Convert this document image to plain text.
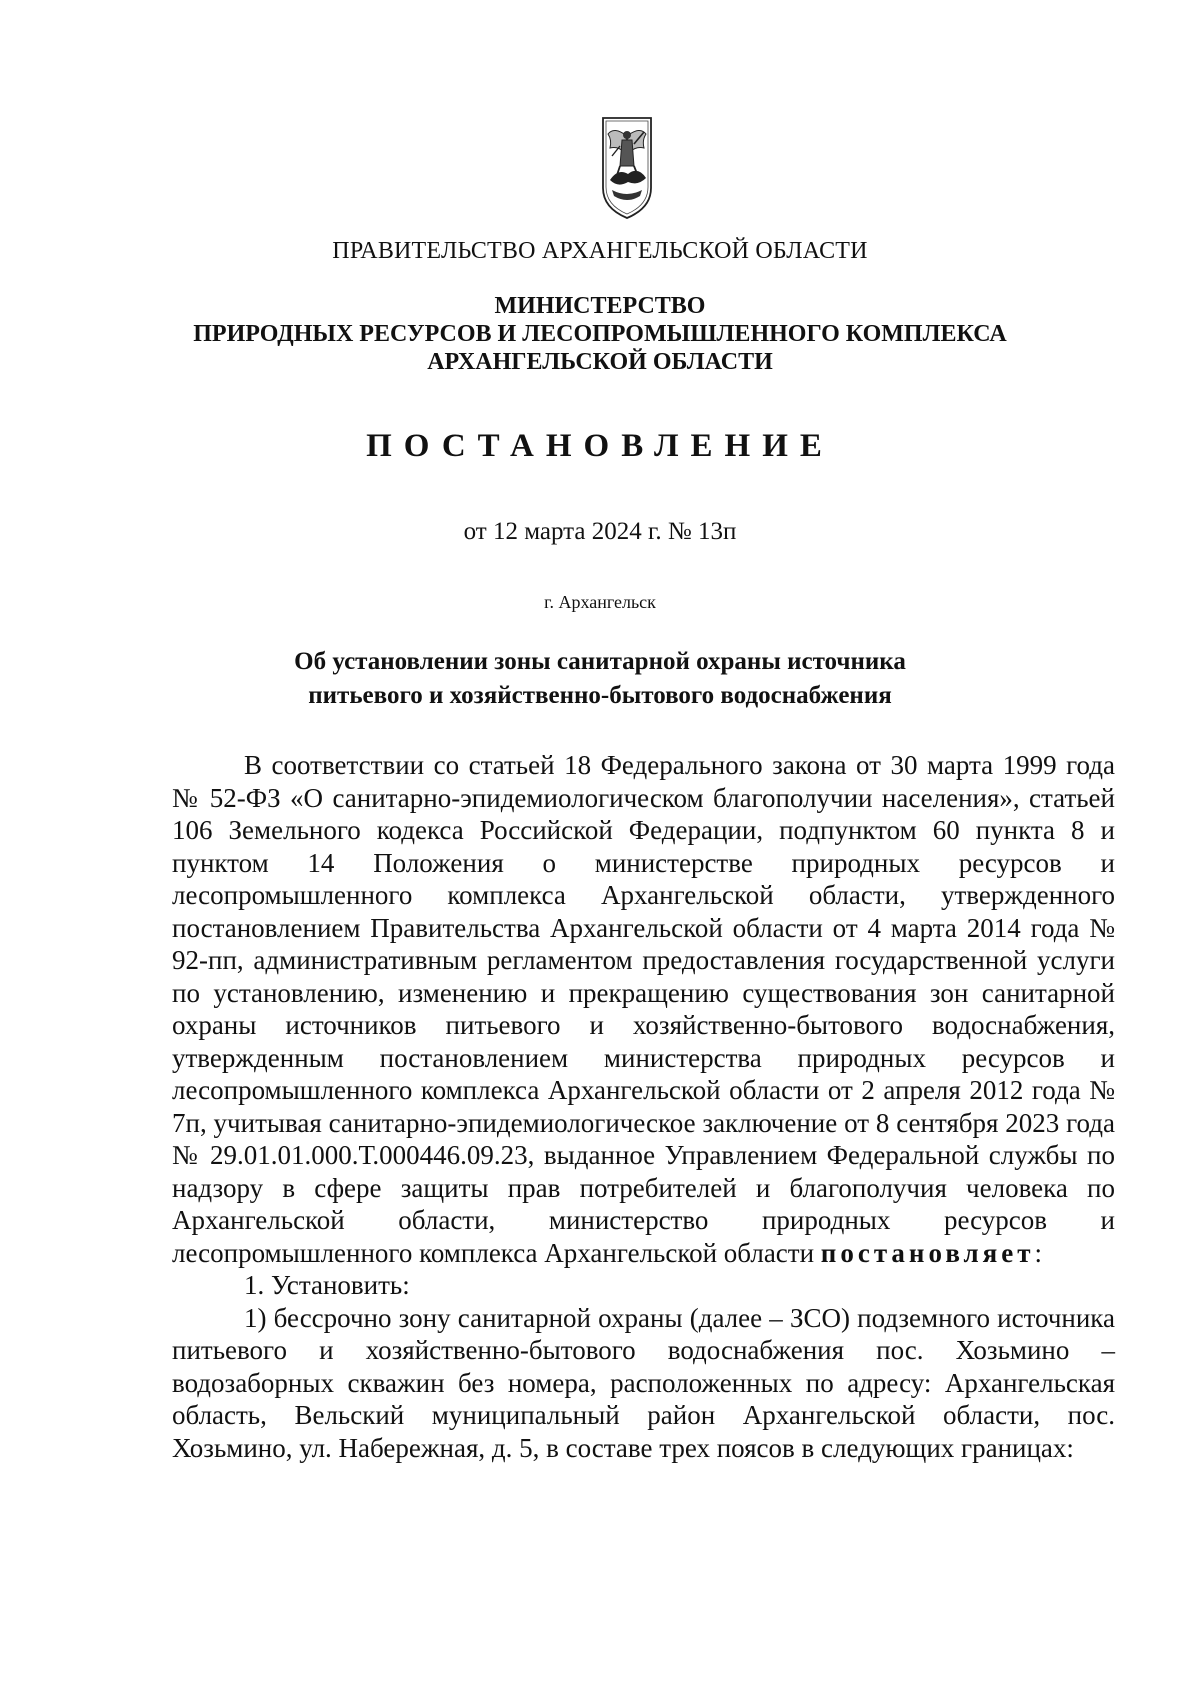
ПРАВИТЕЛЬСТВО АРХАНГЕЛЬСКОЙ ОБЛАСТИ
МИНИСТЕРСТВО
ПРИРОДНЫХ РЕСУРСОВ И ЛЕСОПРОМЫШЛЕННОГО КОМПЛЕКСА
АРХАНГЕЛЬСКОЙ ОБЛАСТИ
ПОСТАНОВЛЕНИЕ
от 12 марта 2024 г. № 13п
г. Архангельск
Об установлении зоны санитарной охраны источника
питьевого и хозяйственно-бытового водоснабжения

В соответствии со статьей 18 Федерального закона от 30 марта 1999 года № 52-ФЗ «О санитарно-эпидемиологическом благополучии населения», статьей 106 Земельного кодекса Российской Федерации, подпунктом 60 пункта 8 и пунктом 14 Положения о министерстве природных ресурсов и лесопромышленного комплекса Архангельской области, утвержденного постановлением Правительства Архангельской области от 4 марта 2014 года № 92-пп, административным регламентом предоставления государственной услуги по установлению, изменению и прекращению существования зон санитарной охраны источников питьевого и хозяйственно-бытового водоснабжения, утвержденным постановлением министерства природных ресурсов и лесопромышленного комплекса Архангельской области от 2 апреля 2012 года № 7п, учитывая санитарно-эпидемиологическое заключение от 8 сентября 2023 года № 29.01.01.000.Т.000446.09.23, выданное Управлением Федеральной службы по надзору в сфере защиты прав потребителей и благополучия человека по Архангельской области, министерство природных ресурсов и лесопромышленного комплекса Архангельской области постановляет:

1. Установить:

1) бессрочно зону санитарной охраны (далее – ЗСО) подземного источника питьевого и хозяйственно-бытового водоснабжения пос. Хозьмино – водозаборных скважин без номера, расположенных по адресу: Архангельская область, Вельский муниципальный район Архангельской области, пос. Хозьмино, ул. Набережная, д. 5, в составе трех поясов в следующих границах:
